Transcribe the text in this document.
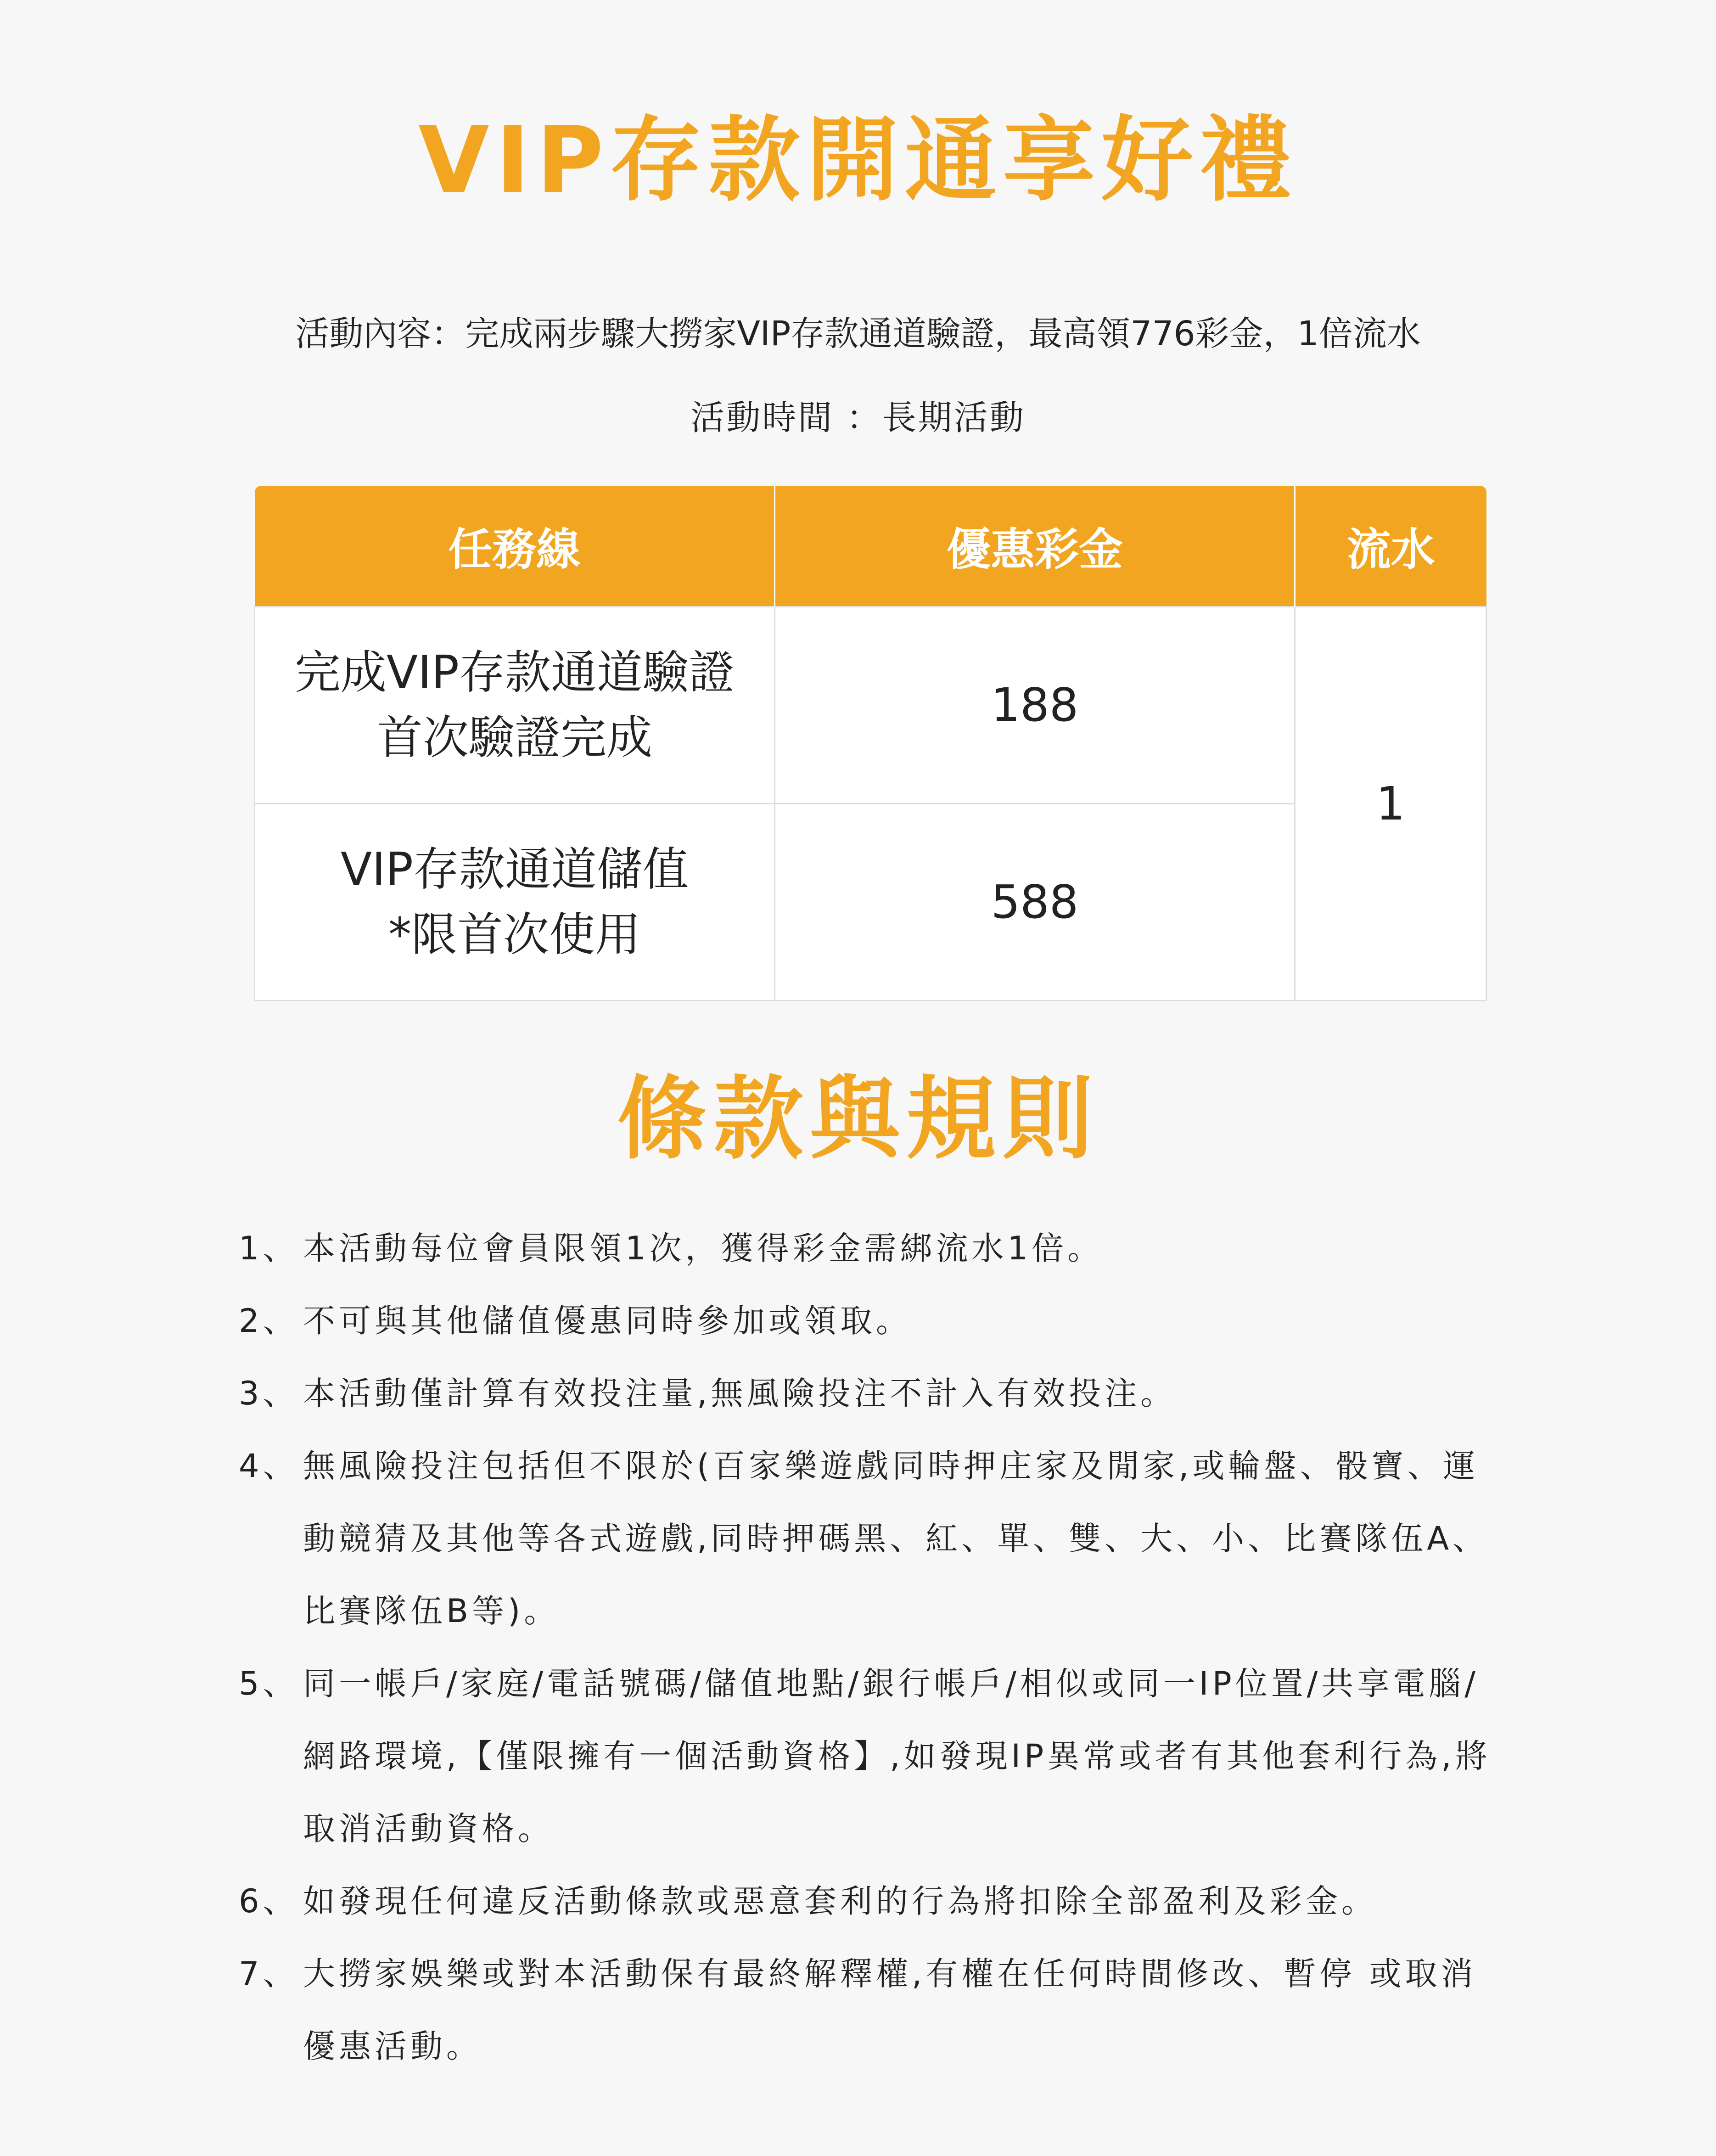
VIP存款開通享好禮
活動內容：完成兩步驟大撈家VIP存款通道驗證，最高領776彩金，1倍流水
活動時間 ：長期活動
任務線	優惠彩金	流水

完成VIP存款通道驗證
首次驗證完成	188	1

VIP存款通道儲值
*限首次使用	588	
條款與規則
1、 本活動每位會員限領1次，獲得彩金需綁流水1倍。
2、 不可與其他儲值優惠同時參加或領取。
3、 本活動僅計算有效投注量,無風險投注不計入有效投注。
4、 無風險投注包括但不限於(百家樂遊戲同時押庄家及閒家,或輪盤、骰寶、運動競猜及其他等各式遊戲,同時押碼黑、紅、單、雙、大、小、比賽隊伍A、比賽隊伍B等)。
5、 同一帳戶/家庭/電話號碼/儲值地點/銀行帳戶/相似或同一IP位置/共享電腦/網路環境,【僅限擁有一個活動資格】,如發現IP異常或者有其他套利行為,將取消活動資格。
6、 如發現任何違反活動條款或惡意套利的行為將扣除全部盈利及彩金。
7、 大撈家娛樂或對本活動保有最終解釋權,有權在任何時間修改、暫停 或取消優惠活動。
